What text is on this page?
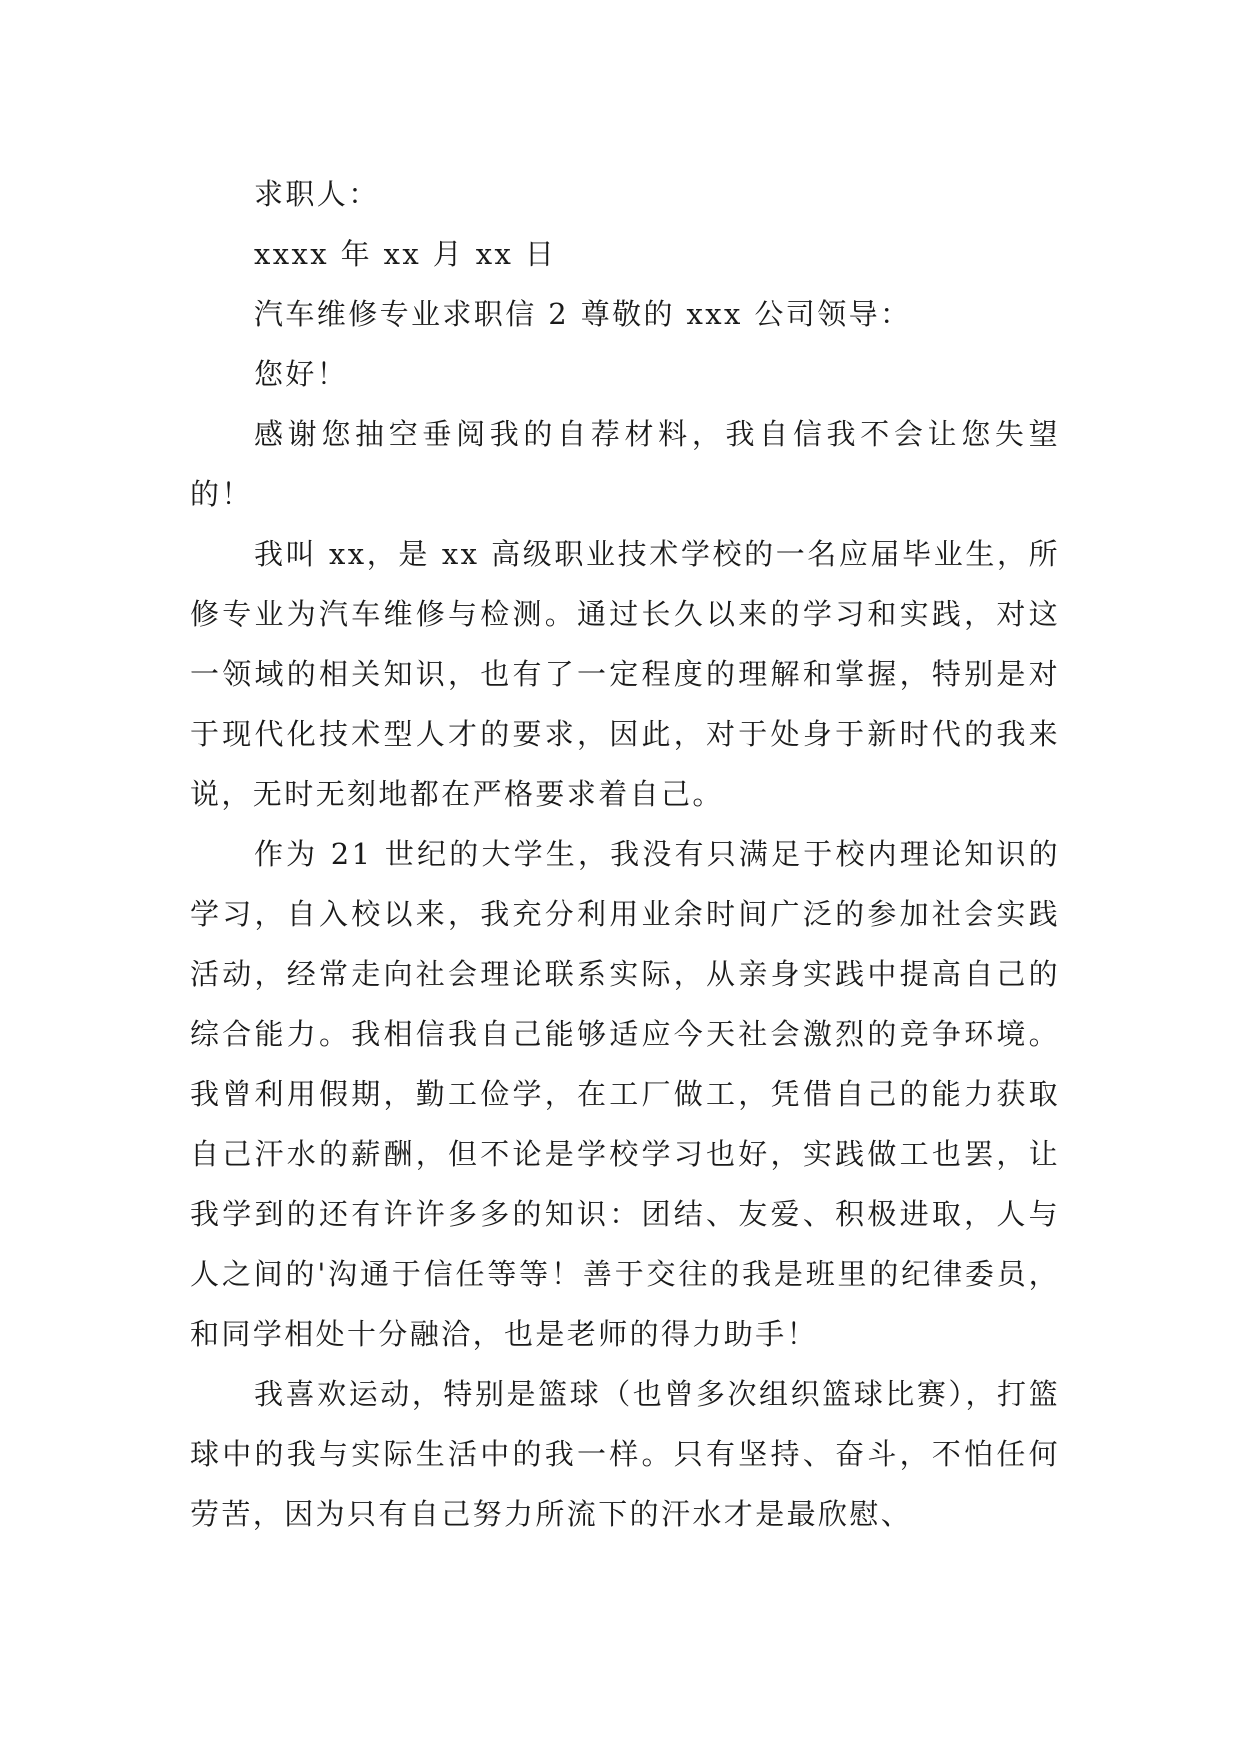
求职人：

xxxx 年 xx 月 xx 日

汽车维修专业求职信 2 尊敬的 xxx 公司领导：

您好！

感谢您抽空垂阅我的自荐材料，我自信我不会让您失望的！

我叫 xx，是 xx 高级职业技术学校的一名应届毕业生，所修专业为汽车维修与检测。通过长久以来的学习和实践，对这一领域的相关知识，也有了一定程度的理解和掌握，特别是对于现代化技术型人才的要求，因此，对于处身于新时代的我来说，无时无刻地都在严格要求着自己。

作为 21 世纪的大学生，我没有只满足于校内理论知识的学习，自入校以来，我充分利用业余时间广泛的参加社会实践活动，经常走向社会理论联系实际，从亲身实践中提高自己的综合能力。我相信我自己能够适应今天社会激烈的竞争环境。我曾利用假期，勤工俭学，在工厂做工，凭借自己的能力获取自己汗水的薪酬，但不论是学校学习也好，实践做工也罢，让我学到的还有许许多多的知识：团结、友爱、积极进取，人与人之间的'沟通于信任等等！善于交往的我是班里的纪律委员，和同学相处十分融洽，也是老师的得力助手！

我喜欢运动，特别是篮球（也曾多次组织篮球比赛），打篮球中的我与实际生活中的我一样。只有坚持、奋斗，不怕任何劳苦，因为只有自己努力所流下的汗水才是最欣慰、
